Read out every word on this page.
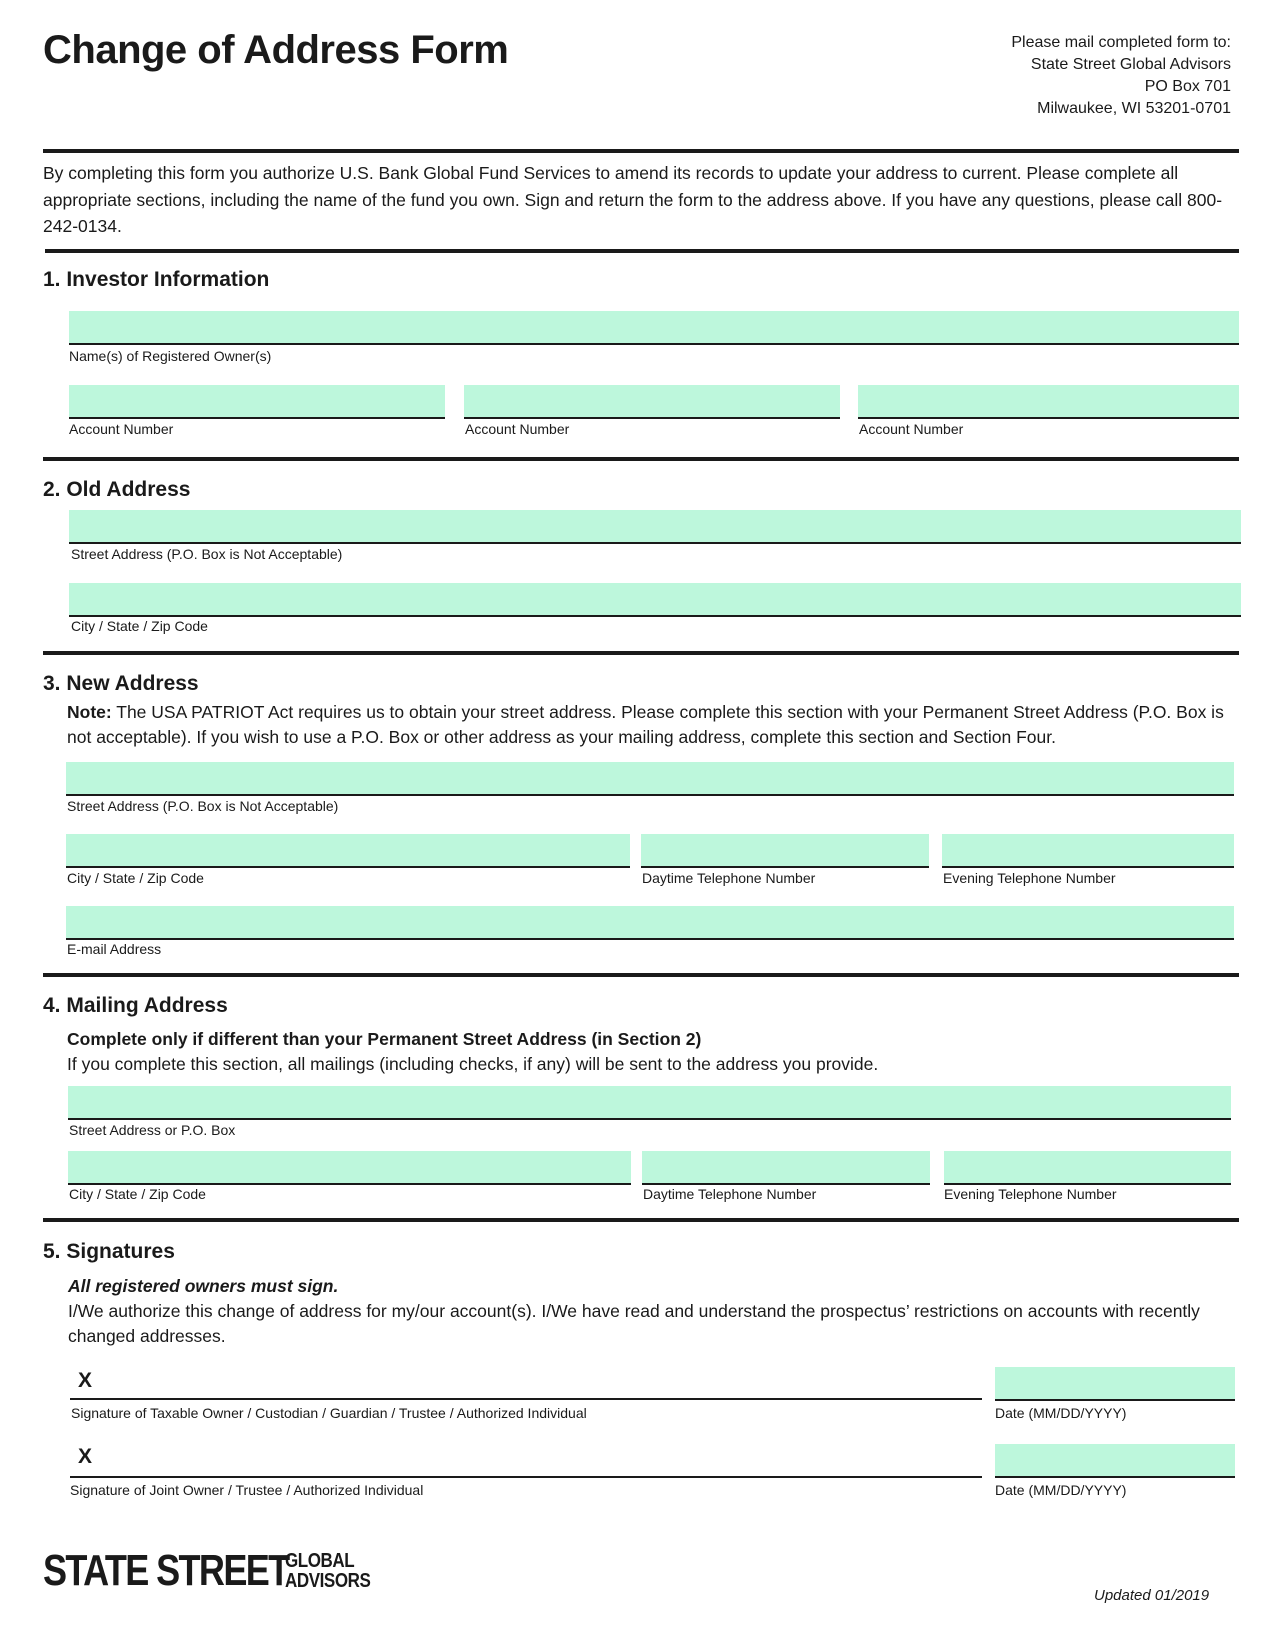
Change of Address Form	Please mail completed form to:
State Street Global Advisors
PO Box 701
Milwaukee, WI 53201-0701
By completing this form you authorize U.S. Bank Global Fund Services to amend its records to update your address to current. Please complete all appropriate sections, including the name of the fund you own. Sign and return the form to the address above. If you have any questions, please call 800-242-0134.
1. Investor Information
Name(s) of Registered Owner(s)
Account Number	Account Number	Account Number
2. Old Address
Street Address (P.O. Box is Not Acceptable)
City / State / Zip Code
3. New Address
Note: The USA PATRIOT Act requires us to obtain your street address. Please complete this section with your Permanent Street Address (P.O. Box is not acceptable). If you wish to use a P.O. Box or other address as your mailing address, complete this section and Section Four.
Street Address (P.O. Box is Not Acceptable)
City / State / Zip Code	Daytime Telephone Number	Evening Telephone Number
E-mail Address
4. Mailing Address
Complete only if different than your Permanent Street Address (in Section 2)
If you complete this section, all mailings (including checks, if any) will be sent to the address you provide.
Street Address or P.O. Box
City / State / Zip Code	Daytime Telephone Number	Evening Telephone Number
5. Signatures
All registered owners must sign.
I/We authorize this change of address for my/our account(s). I/We have read and understand the prospectus’ restrictions on accounts with recently changed addresses.
X
Signature of Taxable Owner / Custodian / Guardian / Trustee / Authorized Individual	Date (MM/DD/YYYY)
X
Signature of Joint Owner / Trustee / Authorized Individual	Date (MM/DD/YYYY)
STATE STREET
GLOBAL
ADVISORS
Updated 01/2019
